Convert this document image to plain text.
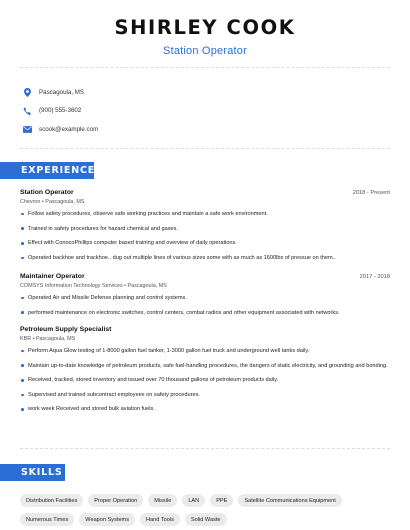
SHIRLEY COOK
Station Operator
Pascagoula, MS
(900) 555-3602
scook@example.com
EXPERIENCE
Station Operator	2018 - Present
Chevron • Pascagoula, MS
Follow safety procedures, observe safe working practices and maintain a safe work environment.
Trained in safety procedures for hazard chemical and gases.
Effect with ConocoPhillips computer based training and overview of daily operations.
Operated backhoe and trackhoe.. dug out multiple lines of various sizes some with as much as 1600lbs of pressue on them..
Maintainer Operator	2017 - 2018
COMSYS Information Technology Services • Pascagoula, MS
Operated Air and Missile Defense planning and control systems.
performed maintenance on electronic switches, control centers, combat radios and other equipment associated with networks.
Petroleum Supply Specialist
KBR • Pascagoula, MS
Perform Aqua Glow testing of 1-8000 gallon fuel tanker, 1-3000 gallon fuel truck and underground well tanks daily.
Maintain up-to-date knowledge of petroleum products, safe fuel-handling procedures, the dangers of static electricity, and grounding and bonding.
Received, tracked, stored inventory and issued over 70 thousand gallons of petroleum products daily.
Supervised and trained subcontract employees on safety procedures.
work week Received and stored bulk aviation fuels.
SKILLS
Distribution Facilities	Proper Operation	Missile	LAN	PPE	Satellite Communications Equipment
Numerous Times	Weapon Systems	Hand Tools	Solid Waste
